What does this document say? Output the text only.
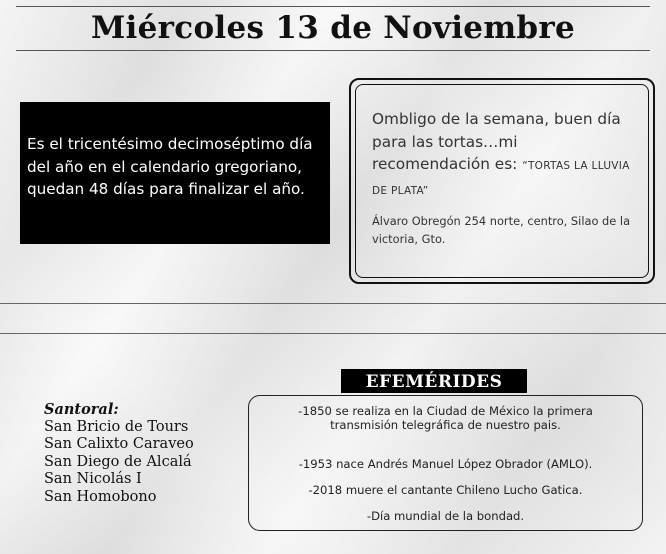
Miércoles 13 de Noviembre
Es el tricentésimo decimoséptimo día del año en el calendario gregoriano, quedan 48 días para finalizar el año.
Ombligo de la semana, buen día para las tortas…mi recomendación es: “TORTAS LA LLUVIA DE PLATA”
Álvaro Obregón 254 norte, centro, Silao de la victoria, Gto.
Santoral:
San Bricio de Tours
San Calixto Caraveo
San Diego de Alcalá
San Nicolás I
San Homobono
EFEMÉRIDES
-1850 se realiza en la Ciudad de México la primera transmisión telegráfica de nuestro pais.
-1953 nace Andrés Manuel López Obrador (AMLO).
-2018 muere el cantante Chileno Lucho Gatica.
-Día mundial de la bondad.
